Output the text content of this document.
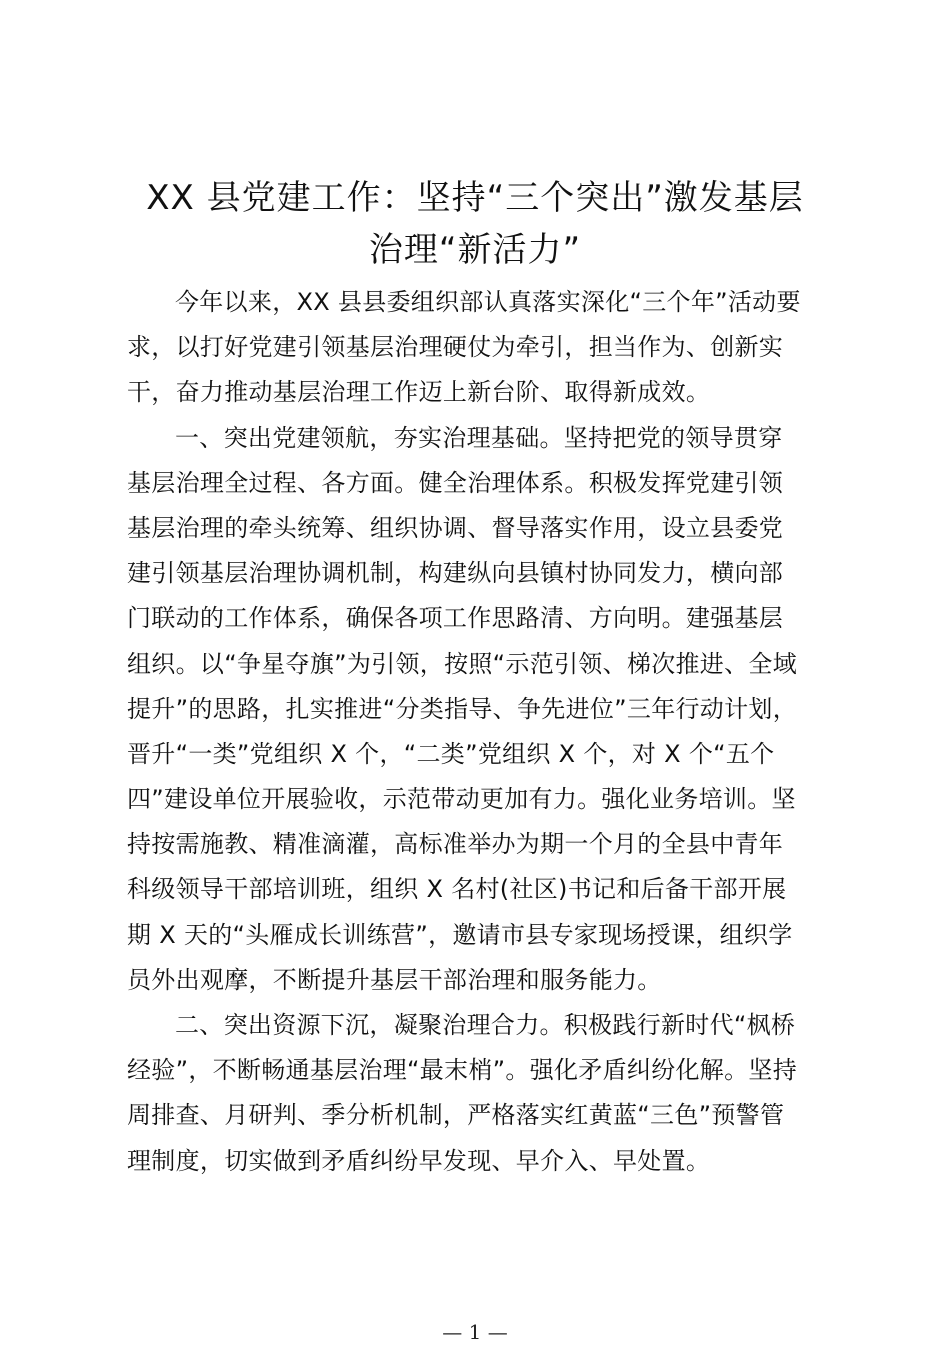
XX 县党建工作：坚持“三个突出”激发基层
治理“新活力”
今年以来，XX 县县委组织部认真落实深化“三个年”活动要
求，以打好党建引领基层治理硬仗为牵引，担当作为、创新实
干，奋力推动基层治理工作迈上新台阶、取得新成效。
一、突出党建领航，夯实治理基础。坚持把党的领导贯穿
基层治理全过程、各方面。健全治理体系。积极发挥党建引领
基层治理的牵头统筹、组织协调、督导落实作用，设立县委党
建引领基层治理协调机制，构建纵向县镇村协同发力，横向部
门联动的工作体系，确保各项工作思路清、方向明。建强基层
组织。以“争星夺旗”为引领，按照“示范引领、梯次推进、全域
提升”的思路，扎实推进“分类指导、争先进位”三年行动计划，
晋升“一类”党组织 X 个，“二类”党组织 X 个，对 X 个“五个
四”建设单位开展验收，示范带动更加有力。强化业务培训。坚
持按需施教、精准滴灌，高标准举办为期一个月的全县中青年
科级领导干部培训班，组织 X 名村(社区)书记和后备干部开展
期 X 天的“头雁成长训练营”，邀请市县专家现场授课，组织学
员外出观摩，不断提升基层干部治理和服务能力。
二、突出资源下沉，凝聚治理合力。积极践行新时代“枫桥
经验”，不断畅通基层治理“最末梢”。强化矛盾纠纷化解。坚持
周排查、月研判、季分析机制，严格落实红黄蓝“三色”预警管
理制度，切实做到矛盾纠纷早发现、早介入、早处置。
— 1 —
